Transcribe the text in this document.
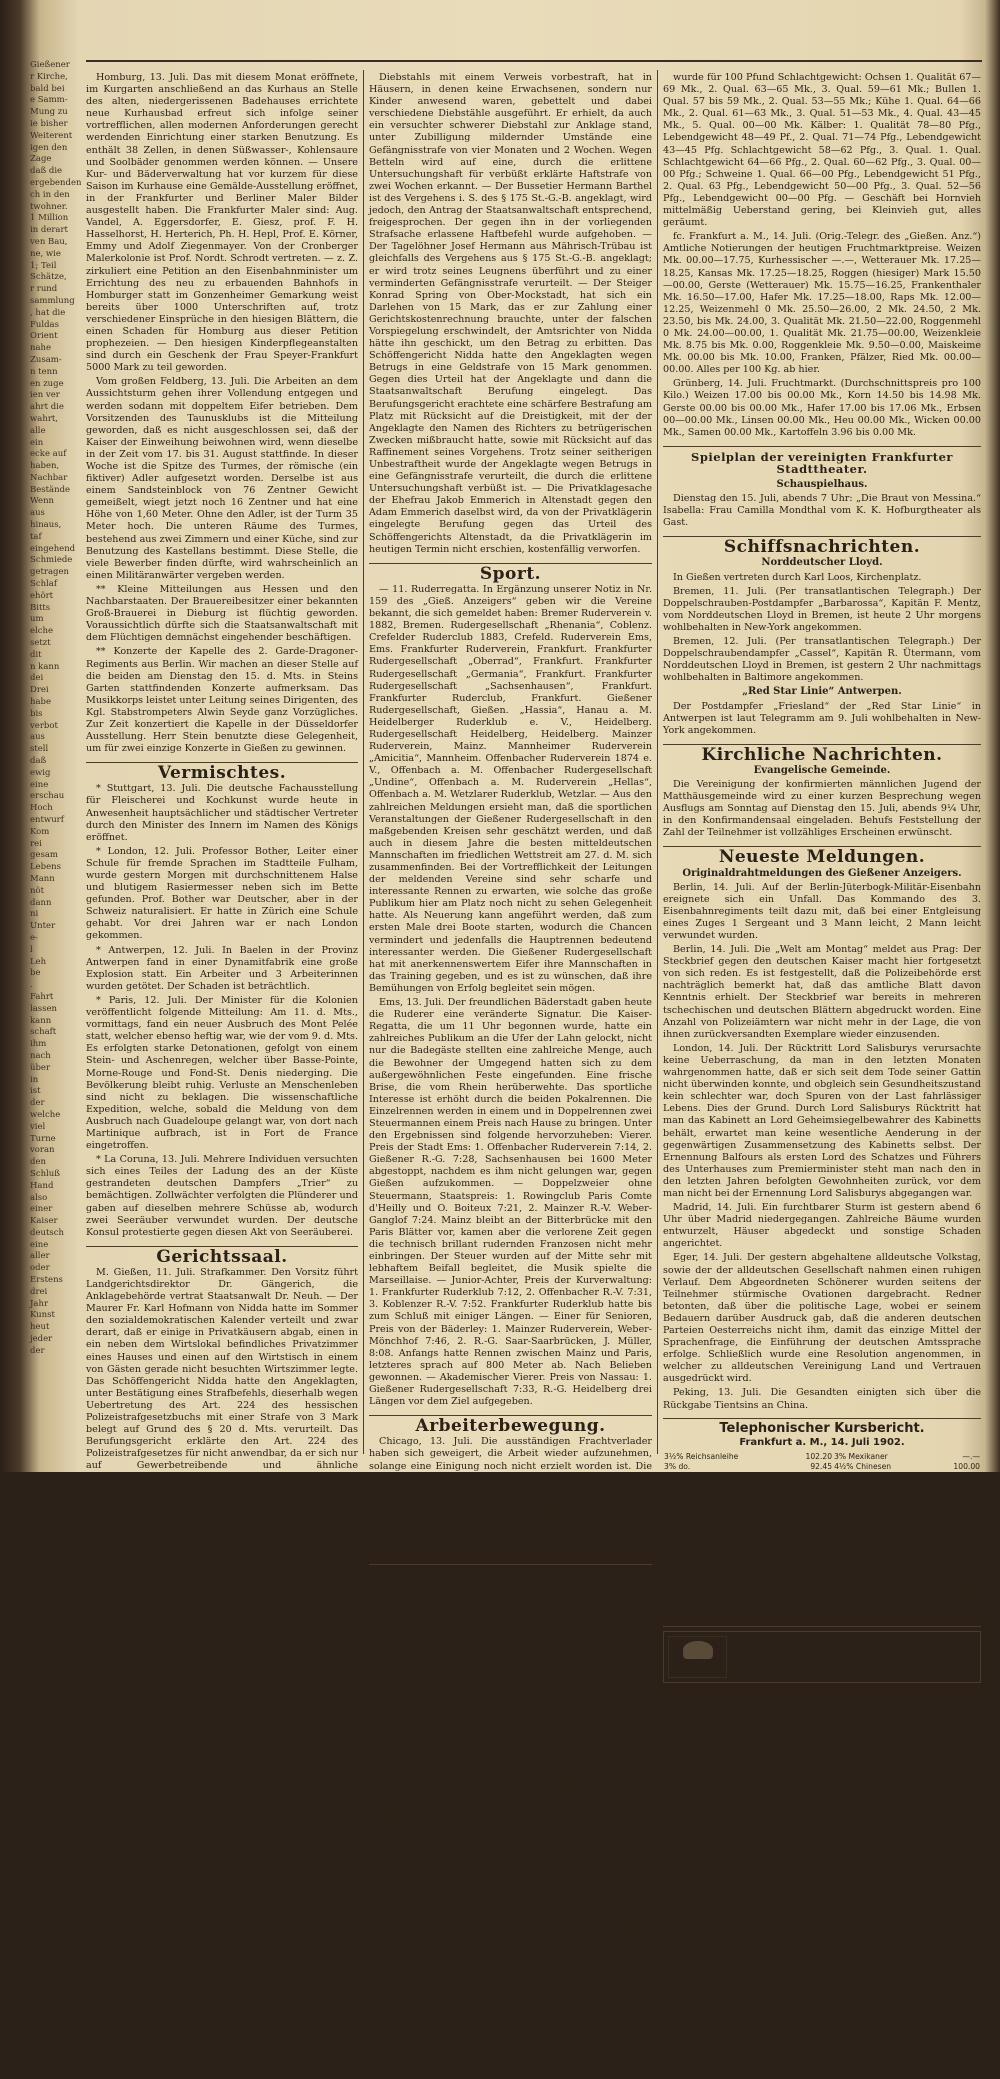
Gießener
r Kirche,
bald bei
e Samm-
Mung zu
ie bisher
Weiterent
igen den
Zage
daß die
ergebenden
ch in den
twohner.
1 Million
in derart
ven Bau,
ne, wie
1; Teil
Schätze,
r rund
sammlung
, hat die
Fuldas
Orient
nahe
Zusam-
n tenn
en zuge
ien ver
ahrt die
wahrt,
alle
ein
ecke auf
haben,
Nachbar
Bestände
Wenn
aus
hinaus,
taf
eingehend
Schmiede
getragen
Schlaf
ehört
Bitts
um
elche
setzt
dit
n kann
dei
Drei
habe
bis
verbot
aus
stell
daß
ewig
eine
erschau
Hoch
entwurf
Kom
rei
gesam
Lebens
Mann
nöt
dann
ni
Unter
e-
l
Leh
be
.
Fahrt
lassen
kann
schaft
ihm
nach
über
in
ist
der
welche
viel
Turne
voran
den
Schluß
Hand
also
einer
Kaiser
deutsch
eine
aller
oder
Erstens
drei
Jahr
Kunst
heut
jeder
der

Homburg, 13. Juli. Das mit diesem Monat eröffnete, im Kurgarten anschließend an das Kurhaus an Stelle des alten, niedergerissenen Badehauses errichtete neue Kurhausbad erfreut sich infolge seiner vortrefflichen, allen modernen Anforderungen gerecht werdenden Einrichtung einer starken Benutzung. Es enthält 38 Zellen, in denen Süßwasser-, Kohlensaure und Soolbäder genommen werden können. — Unsere Kur- und Bäderverwaltung hat vor kurzem für diese Saison im Kurhause eine Gemälde-Ausstellung eröffnet, in der Frankfurter und Berliner Maler Bilder ausgestellt haben. Die Frankfurter Maler sind: Aug. Vandel, A. Eggersdorfer, E. Giesz, prof. F. H. Hasselhorst, H. Herterich, Ph. H. Hepl, Prof. E. Körner, Emmy und Adolf Ziegenmayer. Von der Cronberger Malerkolonie ist Prof. Nordt. Schrodt vertreten. — z. Z. zirkuliert eine Petition an den Eisenbahnminister um Errichtung des neu zu erbauenden Bahnhofs in Homburger statt im Gonzenheimer Gemarkung weist bereits über 1000 Unterschriften auf, trotz verschiedener Einsprüche in den hiesigen Blättern, die einen Schaden für Homburg aus dieser Petition prophezeien. — Den hiesigen Kinderpflegeanstalten sind durch ein Geschenk der Frau Speyer-Frankfurt 5000 Mark zu teil geworden.

Vom großen Feldberg, 13. Juli. Die Arbeiten an dem Aussichtsturm gehen ihrer Vollendung entgegen und werden sodann mit doppeltem Eifer betrieben. Dem Vorsitzenden des Taunusklubs ist die Mitteilung geworden, daß es nicht ausgeschlossen sei, daß der Kaiser der Einweihung beiwohnen wird, wenn dieselbe in der Zeit vom 17. bis 31. August stattfinde. In dieser Woche ist die Spitze des Turmes, der römische (ein fiktiver) Adler aufgesetzt worden. Derselbe ist aus einem Sandsteinblock von 76 Zentner Gewicht gemeißelt, wiegt jetzt noch 16 Zentner und hat eine Höhe von 1,60 Meter. Ohne den Adler, ist der Turm 35 Meter hoch. Die unteren Räume des Turmes, bestehend aus zwei Zimmern und einer Küche, sind zur Benutzung des Kastellans bestimmt. Diese Stelle, die viele Bewerber finden dürfte, wird wahrscheinlich an einen Militäranwärter vergeben werden.

** Kleine Mitteilungen aus Hessen und den Nachbarstaaten. Der Brauereibesitzer einer bekannten Groß-Brauerei in Dieburg ist flüchtig geworden. Voraussichtlich dürfte sich die Staatsanwaltschaft mit dem Flüchtigen demnächst eingehender beschäftigen.

** Konzerte der Kapelle des 2. Garde-Dragoner-Regiments aus Berlin. Wir machen an dieser Stelle auf die beiden am Dienstag den 15. d. Mts. in Steins Garten stattfindenden Konzerte aufmerksam. Das Musikkorps leistet unter Leitung seines Dirigenten, des Kgl. Stabstrompeters Alwin Seyde ganz Vorzügliches. Zur Zeit konzertiert die Kapelle in der Düsseldorfer Ausstellung. Herr Stein benutzte diese Gelegenheit, um für zwei einzige Konzerte in Gießen zu gewinnen.

Vermischtes.

* Stuttgart, 13. Juli. Die deutsche Fachausstellung für Fleischerei und Kochkunst wurde heute in Anwesenheit hauptsächlicher und städtischer Vertreter durch den Minister des Innern im Namen des Königs eröffnet.

* London, 12. Juli. Professor Bother, Leiter einer Schule für fremde Sprachen im Stadtteile Fulham, wurde gestern Morgen mit durchschnittenem Halse und blutigem Rasiermesser neben sich im Bette gefunden. Prof. Bother war Deutscher, aber in der Schweiz naturalisiert. Er hatte in Zürich eine Schule gehabt. Vor drei Jahren war er nach London gekommen.

* Antwerpen, 12. Juli. In Baelen in der Provinz Antwerpen fand in einer Dynamitfabrik eine große Explosion statt. Ein Arbeiter und 3 Arbeiterinnen wurden getötet. Der Schaden ist beträchtlich.

* Paris, 12. Juli. Der Minister für die Kolonien veröffentlicht folgende Mitteilung: Am 11. d. Mts., vormittags, fand ein neuer Ausbruch des Mont Pelée statt, welcher ebenso heftig war, wie der vom 9. d. Mts. Es erfolgten starke Detonationen, gefolgt von einem Stein- und Aschenregen, welcher über Basse-Pointe, Morne-Rouge und Fond-St. Denis niederging. Die Bevölkerung bleibt ruhig. Verluste an Menschenleben sind nicht zu beklagen. Die wissenschaftliche Expedition, welche, sobald die Meldung von dem Ausbruch nach Guadeloupe gelangt war, von dort nach Martinique aufbrach, ist in Fort de France eingetroffen.

* La Coruna, 13. Juli. Mehrere Individuen versuchten sich eines Teiles der Ladung des an der Küste gestrandeten deutschen Dampfers „Trier“ zu bemächtigen. Zollwächter verfolgten die Plünderer und gaben auf dieselben mehrere Schüsse ab, wodurch zwei Seeräuber verwundet wurden. Der deutsche Konsul protestierte gegen diesen Akt von Seeräuberei.

Gerichtssaal.

M. Gießen, 11. Juli. Strafkammer. Den Vorsitz führt Landgerichtsdirektor Dr. Gängerich, die Anklagebehörde vertrat Staatsanwalt Dr. Neuh. — Der Maurer Fr. Karl Hofmann von Nidda hatte im Sommer den sozialdemokratischen Kalender verteilt und zwar derart, daß er einige in Privatkäusern abgab, einen in ein neben dem Wirtslokal befindliches Privatzimmer eines Hauses und einen auf den Wirtstisch in einem von Gästen gerade nicht besuchten Wirtszimmer legte. Das Schöffengericht Nidda hatte den Angeklagten, unter Bestätigung eines Strafbefehls, dieserhalb wegen Uebertretung des Art. 224 des hessischen Polizeistrafgesetzbuchs mit einer Strafe von 3 Mark belegt auf Grund des § 20 d. Mts. verurteilt. Das Berufungsgericht erklärte den Art. 224 des Polizeistrafgesetzes für nicht anwendbar, da er sich nur auf Gewerbetreibende und ähnliche Personenkategorien beziehe, nicht aber auf eine Privatperson. Der Art. 47 des Preßgesetzes sei insoweit durch § 9 des Gesetzes vom 10. Oktober 1871 aufrecht erhalten, als er sich gegen die Verbreitung von Druckschriften beziehe. Eine Verteilung an öffentlichen Orten liege jedoch hier nicht vor, die Privathäuser und das Privatzimmer neben dem Wirtslokal schieden von vornherein aus, aber auch das Wirtszimmer selbst, auf dessen Tisch der Angeklagte einen Kalender gelegt habe, sei vorliegenden Falles nicht als ein öffentlicher Ort anzusehen, da niemand sich in demselben aufgehalten habe. Der Begriff des öffentlichen Ortes sei ein relativer und nur dann auf ein Wirtslokal anwendbar, wenn Gäste sich in demselben befinden. Der Angeklagte wurde daher, unter Aufhebung des erstinstanzlichen Urteils, freigesprochen. — Der Dienstknecht Johann Karl Roth von Nieder-Ohmen hatte vom Schöffengericht Grünberg wegen Diebstahls zu einer Gefängnisstrafe von 1 Woche verurteilt worden. In der heutigen Verhandlung vor dem Berufungsgericht gestaltete sich die Beweisaufnahme derart günstig für den Angeklagten, daß sich die Staatsanwaltschaft seine Freisprechung beantragte, auf die auch der Gerichtshof erkannte. — Der jugendliche Dienstknecht Georg Köhler von Bernsburg, wegen

Diebstahls mit einem Verweis vorbestraft, hat in Häusern, in denen keine Erwachsenen, sondern nur Kinder anwesend waren, gebettelt und dabei verschiedene Diebstähle ausgeführt. Er erhielt, da auch ein versuchter schwerer Diebstahl zur Anklage stand, unter Zubilligung mildernder Umstände eine Gefängnisstrafe von vier Monaten und 2 Wochen. Wegen Betteln wird auf eine, durch die erlittene Untersuchungshaft für verbüßt erklärte Haftstrafe von zwei Wochen erkannt. — Der Bussetier Hermann Barthel ist des Vergehens i. S. des § 175 St.-G.-B. angeklagt, wird jedoch, den Antrag der Staatsanwaltschaft entsprechend, freigesprochen. Der gegen ihn in der vorliegenden Strafsache erlassene Haftbefehl wurde aufgehoben. — Der Tagelöhner Josef Hermann aus Mährisch-Trübau ist gleichfalls des Vergehens aus § 175 St.-G.-B. angeklagt; er wird trotz seines Leugnens überführt und zu einer verminderten Gefängnisstrafe verurteilt. — Der Steiger Konrad Spring von Ober-Mockstadt, hat sich ein Darlehen von 15 Mark, das er zur Zahlung einer Gerichtskostenrechnung brauchte, unter der falschen Vorspiegelung erschwindelt, der Amtsrichter von Nidda hätte ihn geschickt, um den Betrag zu erbitten. Das Schöffengericht Nidda hatte den Angeklagten wegen Betrugs in eine Geldstrafe von 15 Mark genommen. Gegen dies Urteil hat der Angeklagte und dann die Staatsanwaltschaft Berufung eingelegt. Das Berufungsgericht erachtete eine schärfere Bestrafung am Platz mit Rücksicht auf die Dreistigkeit, mit der der Angeklagte den Namen des Richters zu betrügerischen Zwecken mißbraucht hatte, sowie mit Rücksicht auf das Raffinement seines Vorgehens. Trotz seiner seitherigen Unbestraftheit wurde der Angeklagte wegen Betrugs in eine Gefängnisstrafe verurteilt, die durch die erlittene Untersuchungshaft verbüßt ist. — Die Privatklagesache der Ehefrau Jakob Emmerich in Altenstadt gegen den Adam Emmerich daselbst wird, da von der Privatklägerin eingelegte Berufung gegen das Urteil des Schöffengerichts Altenstadt, da die Privatklägerin im heutigen Termin nicht erschien, kostenfällig verworfen.

Sport.

— 11. Ruderregatta. In Ergänzung unserer Notiz in Nr. 159 des „Gieß. Anzeigers“ geben wir die Vereine bekannt, die sich gemeldet haben: Bremer Ruderverein v. 1882, Bremen. Rudergesellschaft „Rhenania“, Coblenz. Crefelder Ruderclub 1883, Crefeld. Ruderverein Ems, Ems. Frankfurter Ruderverein, Frankfurt. Frankfurter Rudergesellschaft „Oberrad“, Frankfurt. Frankfurter Rudergesellschaft „Germania“, Frankfurt. Frankfurter Rudergesellschaft „Sachsenhausen“, Frankfurt. Frankfurter Ruderclub, Frankfurt. Gießener Rudergesellschaft, Gießen. „Hassia“, Hanau a. M. Heidelberger Ruderklub e. V., Heidelberg. Rudergesellschaft Heidelberg, Heidelberg. Mainzer Ruderverein, Mainz. Mannheimer Ruderverein „Amicitia“, Mannheim. Offenbacher Ruderverein 1874 e. V., Offenbach a. M. Offenbacher Rudergesellschaft „Undine“, Offenbach a. M. Ruderverein „Hellas“, Offenbach a. M. Wetzlarer Ruderklub, Wetzlar. — Aus den zahlreichen Meldungen ersieht man, daß die sportlichen Veranstaltungen der Gießener Rudergesellschaft in den maßgebenden Kreisen sehr geschätzt werden, und daß auch in diesem Jahre die besten mitteldeutschen Mannschaften im friedlichen Wettstreit am 27. d. M. sich zusammenfinden. Bei der Vortrefflichkeit der Leitungen der meldenden Vereine sind sehr scharfe und interessante Rennen zu erwarten, wie solche das große Publikum hier am Platz noch nicht zu sehen Gelegenheit hatte. Als Neuerung kann angeführt werden, daß zum ersten Male drei Boote starten, wodurch die Chancen vermindert und jedenfalls die Hauptrennen bedeutend interessanter werden. Die Gießener Rudergesellschaft hat mit anerkennenswertem Eifer ihre Mannschaften in das Training gegeben, und es ist zu wünschen, daß ihre Bemühungen von Erfolg begleitet sein mögen.

Ems, 13. Juli. Der freundlichen Bäderstadt gaben heute die Ruderer eine veränderte Signatur. Die Kaiser-Regatta, die um 11 Uhr begonnen wurde, hatte ein zahlreiches Publikum an die Ufer der Lahn gelockt, nicht nur die Badegäste stellten eine zahlreiche Menge, auch die Bewohner der Umgegend hatten sich zu dem außergewöhnlichen Feste eingefunden. Eine frische Brise, die vom Rhein herüberwehte. Das sportliche Interesse ist erhöht durch die beiden Pokalrennen. Die Einzelrennen werden in einem und in Doppelrennen zwei Steuermannen einem Preis nach Hause zu bringen. Unter den Ergebnissen sind folgende hervorzuheben: Vierer. Preis der Stadt Ems: 1. Offenbacher Ruderverein 7:14, 2. Gießener R.-G. 7:28, Sachsenhausen bei 1600 Meter abgestoppt, nachdem es ihm nicht gelungen war, gegen Gießen aufzukommen. — Doppelzweier ohne Steuermann, Staatspreis: 1. Rowingclub Paris Comte d'Heilly und O. Boiteux 7:21, 2. Mainzer R.-V. Weber-Ganglof 7:24. Mainz bleibt an der Bitterbrücke mit den Paris Blätter vor, kamen aber die verlorene Zeit gegen die technisch brillant rudernden Franzosen nicht mehr einbringen. Der Steuer wurden auf der Mitte sehr mit lebhaftem Beifall begleitet, die Musik spielte die Marseillaise. — Junior-Achter, Preis der Kurverwaltung: 1. Frankfurter Ruderklub 7:12, 2. Offenbacher R.-V. 7:31, 3. Koblenzer R.-V. 7:52. Frankfurter Ruderklub hatte bis zum Schluß mit einiger Längen. — Einer für Senioren, Preis von der Bäderley: 1. Mainzer Ruderverein, Weber-Mönchhof 7:46, 2. R.-G. Saar-Saarbrücken, J. Müller, 8:08. Anfangs hatte Rennen zwischen Mainz und Paris, letzteres sprach auf 800 Meter ab. Nach Belieben gewonnen. — Akademischer Vierer. Preis von Nassau: 1. Gießener Rudergesellschaft 7:33, R.-G. Heidelberg drei Längen vor dem Ziel aufgegeben.

Arbeiterbewegung.

Chicago, 13. Juli. Die ausständigen Frachtverlader haben sich geweigert, die Arbeit wieder aufzunehmen, solange eine Einigung noch nicht erzielt worden ist. Die Geschäfte verlieren sich. Es ist sicher, um die durch den Ausstand zurückgehaltenen Waren vor dem Verderben zu schützen. Der Schaden, den die Kaufleute bisher erlitten haben, wird auf 500,000 Dollars geschätzt. Es werden Verhandlungen geführt, doch wird es noch lange dauern, wenn keine Einigung nicht zu Stande kommt, wird auf 500,000 Dollars geschätzt.

Handel und Verkehr. Volkswirtschaft.

Das Rheinisch-Westfälische Elektrizitätswerk in Essen ging durch Aktientausch auf ein Konsortium zu bauendes Bahnnetz. Das Großhandelsaktien war seither bei dem Abschluß beteiligt. Das Geschäft in den Aktien war seither bei dem Abschluß beteiligt. Die Aktiengesellschaft für elektrische Unternehmungen in Frankfurt a. M. welche durch die Realisierung einen erheblichen Gewinn erzielt hat.

Accumulatorenwerke System Pollak Frankfurt a. M. teilen mit, daß sie an eine Einstellung des Betriebes oder an Liquidation nicht im entferntesten denken. Die Geschäfte nehmen mit vollem Erfolge ihren weiteren Fortgang.

Düsseldorf, 13. Juli. Die Versammlung des Stabeisenverbandes nahm von allen Revieren Kenntnis. Es wurde konstatiert, daß die Beschäftigung in sämtlichen Werken gut sei und die Nachfrage vom Auslande zugenommen habe. Der Versammlung beschloß, den Stabeisenpreis um eine Mark, also auf 115 Mark zu erhöhen.

München, 12. Juli. In der heutigen Generalversammlung der Bayerischen Bank wurde die Herabsetzung des Aktien-Kapitals von 12 Millionen auf 9 Millionen durch Zusammenlegung von je 4 Aktien zu 3 genehmigt und demgemäß entsprechend der § 4 der Statuten abgeändert. Die Feststellung der Modalitäten der Zusammenlegung wurde dem Aufsichtsrat übertragen. Die Stimmabgabe mit der Majorität erfolgte Nutzen der Besitzer von einzelnen Aktien die Möglichkeit gegeben wird, ihren Besitz zu erhalten.

Märkte.

fc. Frankfurt a. M., 14. Juli. (Telegr. Orig.-Bericht des „Gieß. Anz.“) Amtliche Notierungen der heutigen Viehmärktpreise. Zum Verkauf standen 449 Ochsen, darunter 156 aus Oesterreich, 70 Bullen, darunter 12 aus Oesterreich, 875 Kühe, Färsen, darunter 54 aus Oesterreich, 189 Kälber, 160 Schafe und Hämmel, 832 Schweine, 0 Ziegen, 0 Ziegen, 00 Schafe und Hämmer. Bezahlt

wurde für 100 Pfund Schlachtgewicht: Ochsen 1. Qualität 67—69 Mk., 2. Qual. 63—65 Mk., 3. Qual. 59—61 Mk.; Bullen 1. Qual. 57 bis 59 Mk., 2. Qual. 53—55 Mk.; Kühe 1. Qual. 64—66 Mk., 2. Qual. 61—63 Mk., 3. Qual. 51—53 Mk., 4. Qual. 43—45 Mk., 5. Qual. 00—00 Mk. Kälber: 1. Qualität 78—80 Pfg., Lebendgewicht 48—49 Pf., 2. Qual. 71—74 Pfg., Lebendgewicht 43—45 Pfg. Schlachtgewicht 58—62 Pfg., 3. Qual. 1. Qual. Schlachtgewicht 64—66 Pfg., 2. Qual. 60—62 Pfg., 3. Qual. 00—00 Pfg.; Schweine 1. Qual. 66—00 Pfg., Lebendgewicht 51 Pfg., 2. Qual. 63 Pfg., Lebendgewicht 50—00 Pfg., 3. Qual. 52—56 Pfg., Lebendgewicht 00—00 Pfg. — Geschäft bei Hornvieh mittelmäßig Ueberstand gering, bei Kleinvieh gut, alles geräumt.

fc. Frankfurt a. M., 14. Juli. (Orig.-Telegr. des „Gießen. Anz.“) Amtliche Notierungen der heutigen Fruchtmarktpreise. Weizen Mk. 00.00—17.75, Kurhessischer —.—, Wetterauer Mk. 17.25—18.25, Kansas Mk. 17.25—18.25, Roggen (hiesiger) Mark 15.50—00.00, Gerste (Wetterauer) Mk. 15.75—16.25, Frankenthaler Mk. 16.50—17.00, Hafer Mk. 17.25—18.00, Raps Mk. 12.00—12.25, Weizenmehl 0 Mk. 25.50—26.00, 2 Mk. 24.50, 2 Mk. 23.50, bis Mk. 24.00, 3. Qualität Mk. 21.50—22.00, Roggenmehl 0 Mk. 24.00—00.00, 1. Qualität Mk. 21.75—00.00, Weizenkleie Mk. 8.75 bis Mk. 0.00, Roggenkleie Mk. 9.50—0.00, Maiskeime Mk. 00.00 bis Mk. 10.00, Franken, Pfälzer, Ried Mk. 00.00—00.00. Alles per 100 Kg. ab hier.

Grünberg, 14. Juli. Fruchtmarkt. (Durchschnittspreis pro 100 Kilo.) Weizen 17.00 bis 00.00 Mk., Korn 14.50 bis 14.98 Mk. Gerste 00.00 bis 00.00 Mk., Hafer 17.00 bis 17.06 Mk., Erbsen 00—00.00 Mk., Linsen 00.00 Mk., Heu 00.00 Mk., Wicken 00.00 Mk., Samen 00.00 Mk., Kartoffeln 3.96 bis 0.00 Mk.

Spielplan der vereinigten Frankfurter Stadttheater.
Schauspielhaus.

Dienstag den 15. Juli, abends 7 Uhr: „Die Braut von Messina.“ Isabella: Frau Camilla Mondthal vom K. K. Hofburgtheater als Gast.

Schiffsnachrichten.
Norddeutscher Lloyd.

In Gießen vertreten durch Karl Loos, Kirchenplatz.

Bremen, 11. Juli. (Per transatlantischen Telegraph.) Der Doppelschrauben-Postdampfer „Barbarossa“, Kapitän F. Mentz, vom Norddeutschen Lloyd in Bremen, ist heute 2 Uhr morgens wohlbehalten in New-York angekommen.

Bremen, 12. Juli. (Per transatlantischen Telegraph.) Der Doppelschraubendampfer „Cassel“, Kapitän R. Ütermann, vom Norddeutschen Lloyd in Bremen, ist gestern 2 Uhr nachmittags wohlbehalten in Baltimore angekommen.

„Red Star Linie“ Antwerpen.

Der Postdampfer „Friesland“ der „Red Star Linie“ in Antwerpen ist laut Telegramm am 9. Juli wohlbehalten in New-York angekommen.

Kirchliche Nachrichten.
Evangelische Gemeinde.

Die Vereinigung der konfirmierten männlichen Jugend der Matthäusgemeinde wird zu einer kurzen Besprechung wegen Ausflugs am Sonntag auf Dienstag den 15. Juli, abends 9¼ Uhr, in den Konfirmandensaal eingeladen. Behufs Feststellung der Zahl der Teilnehmer ist vollzähliges Erscheinen erwünscht.

Neueste Meldungen.
Originaldrahtmeldungen des Gießener Anzeigers.

Berlin, 14. Juli. Auf der Berlin-Jüterbogk-Militär-Eisenbahn ereignete sich ein Unfall. Das Kommando des 3. Eisenbahnregiments teilt dazu mit, daß bei einer Entgleisung eines Zuges 1 Sergeant und 3 Mann leicht, 2 Mann leicht verwundet wurden.

Berlin, 14. Juli. Die „Welt am Montag“ meldet aus Prag: Der Steckbrief gegen den deutschen Kaiser macht hier fortgesetzt von sich reden. Es ist festgestellt, daß die Polizeibehörde erst nachträglich bemerkt hat, daß das amtliche Blatt davon Kenntnis erhielt. Der Steckbrief war bereits in mehreren tschechischen und deutschen Blättern abgedruckt worden. Eine Anzahl von Polizeiämtern war nicht mehr in der Lage, die von ihnen zurückversandten Exemplare wieder einzusenden.

London, 14. Juli. Der Rücktritt Lord Salisburys verursachte keine Ueberraschung, da man in den letzten Monaten wahrgenommen hatte, daß er sich seit dem Tode seiner Gattin nicht überwinden konnte, und obgleich sein Gesundheitszustand kein schlechter war, doch Spuren von der Last fahrlässiger Lebens. Dies der Grund. Durch Lord Salisburys Rücktritt hat man das Kabinett an Lord Geheimsiegelbewahrer des Kabinetts behält, erwartet man keine wesentliche Aenderung in der gegenwärtigen Zusammensetzung des Kabinetts selbst. Der Ernennung Balfours als ersten Lord des Schatzes und Führers des Unterhauses zum Premierminister steht man nach den in den letzten Jahren befolgten Gewohnheiten zurück, vor dem man nicht bei der Ernennung Lord Salisburys abgegangen war.

Madrid, 14. Juli. Ein furchtbarer Sturm ist gestern abend 6 Uhr über Madrid niedergegangen. Zahlreiche Bäume wurden entwurzelt, Häuser abgedeckt und sonstige Schaden angerichtet.

Eger, 14. Juli. Der gestern abgehaltene alldeutsche Volkstag, sowie der der alldeutschen Gesellschaft nahmen einen ruhigen Verlauf. Dem Abgeordneten Schönerer wurden seitens der Teilnehmer stürmische Ovationen dargebracht. Redner betonten, daß über die politische Lage, wobei er seinem Bedauern darüber Ausdruck gab, daß die anderen deutschen Parteien Oesterreichs nicht ihm, damit das einzige Mittel der Sprachenfrage, die Einführung der deutschen Amtssprache erfolge. Schließlich wurde eine Resolution angenommen, in welcher zu alldeutschen Vereinigung Land und Vertrauen ausgedrückt wird.

Peking, 13. Juli. Die Gesandten einigten sich über die Rückgabe Tientsins an China.

Telephonischer Kursbericht.
Frankfurt a. M., 14. Juli 1902.
3½% Reichsanleihe	102.20	3% Mexikaner	—.—
3% do.	92.45	4½% Chinesen	100.00
3½% Konsols	102.20	Electric. Schuckert	100.70
3% do.	92.60	Nordd. Lloyd	—.—
3½% Hessen	100.40	Kreditaktien	210.40
3½% Oberhessen	99.35	Diskonto-Kommandit	184.90
4% Oesterr. Goldrente	102.30	Darmstädter Bank	136.50
4⅕% Oesterr. Silberrente	101.20	Dresdener Bank	145.60
4% Ungar. Goldrente	102.55	Berliner Handelsges.	159.70
4% Italien. Rente	102.30	Oesterr. Staatsbahn	149.20
4% Portugiesen	27.30	Lombarden	17.40
3% Portugiesen	29.00	Gotthardbahn	168.40
5% Russen 1880	97.90	Laurahütte	203.50
Türkenlose	113.40	Bochum	189.60
4% Griech. Monopol.-Anl.	43.20	Harpener	169.50
4½% äussere Argentiner	—.—		
Tendenz: fest.
V.E.& K.
Seidenstoffe
von Elten & Keussen,
Sammte, Velvets.
Man verlange Muster.
Krefeld.
